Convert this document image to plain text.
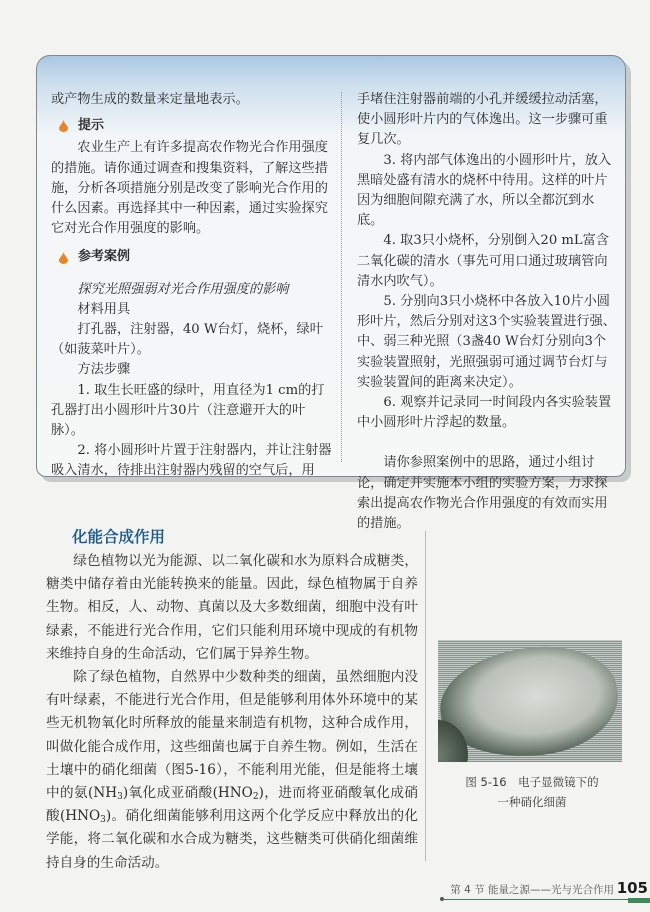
或产物生成的数量来定量地表示。

提示

农业生产上有许多提高农作物光合作用强度的措施。请你通过调查和搜集资料，了解这些措施，分析各项措施分别是改变了影响光合作用的什么因素。再选择其中一种因素，通过实验探究它对光合作用强度的影响。

参考案例

探究光照强弱对光合作用强度的影响

材料用具

打孔器，注射器，40 W台灯，烧杯，绿叶（如菠菜叶片）。

方法步骤

1. 取生长旺盛的绿叶，用直径为1 cm的打孔器打出小圆形叶片30片（注意避开大的叶脉）。

2. 将小圆形叶片置于注射器内，并让注射器吸入清水，待排出注射器内残留的空气后，用

手堵住注射器前端的小孔并缓缓拉动活塞，使小圆形叶片内的气体逸出。这一步骤可重复几次。

3. 将内部气体逸出的小圆形叶片，放入黑暗处盛有清水的烧杯中待用。这样的叶片因为细胞间隙充满了水，所以全都沉到水底。

4. 取3只小烧杯，分别倒入20 mL富含二氧化碳的清水（事先可用口通过玻璃管向清水内吹气）。

5. 分别向3只小烧杯中各放入10片小圆形叶片，然后分别对这3个实验装置进行强、中、弱三种光照（3盏40 W台灯分别向3个实验装置照射，光照强弱可通过调节台灯与实验装置间的距离来决定）。

6. 观察并记录同一时间段内各实验装置中小圆形叶片浮起的数量。

请你参照案例中的思路，通过小组讨论，确定并实施本小组的实验方案，力求探索出提高农作物光合作用强度的有效而实用的措施。

化能合成作用

绿色植物以光为能源、以二氧化碳和水为原料合成糖类，糖类中储存着由光能转换来的能量。因此，绿色植物属于自养生物。相反，人、动物、真菌以及大多数细菌，细胞中没有叶绿素，不能进行光合作用，它们只能利用环境中现成的有机物来维持自身的生命活动，它们属于异养生物。

除了绿色植物，自然界中少数种类的细菌，虽然细胞内没有叶绿素，不能进行光合作用，但是能够利用体外环境中的某些无机物氧化时所释放的能量来制造有机物，这种合成作用，叫做化能合成作用，这些细菌也属于自养生物。例如，生活在土壤中的硝化细菌（图5-16），不能利用光能，但是能将土壤中的氨$(NH_3)$氧化成亚硝酸$(HNO_2)$，进而将亚硝酸氧化成硝酸$(HNO_3)$。硝化细菌能够利用这两个化学反应中释放出的化学能，将二氧化碳和水合成为糖类，这些糖类可供硝化细菌维持自身的生命活动。

图 5-16　电子显微镜下的
一种硝化细菌
第 4 节 能量之源——光与光合作用 105
